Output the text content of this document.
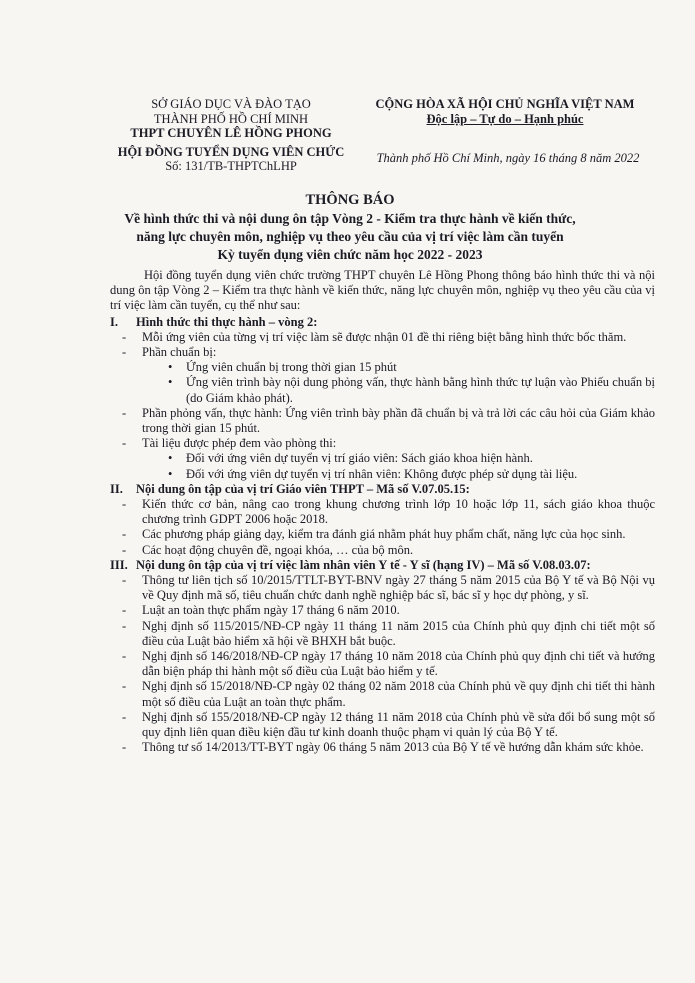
SỞ GIÁO DỤC VÀ ĐÀO TẠO
THÀNH PHỐ HỒ CHÍ MINH
THPT CHUYÊN LÊ HỒNG PHONG
HỘI ĐỒNG TUYỂN DỤNG VIÊN CHỨC
Số: 131/TB-THPTChLHP
CỘNG HÒA XÃ HỘI CHỦ NGHĨA VIỆT NAM
Độc lập – Tự do – Hạnh phúc
Thành phố Hồ Chí Minh, ngày 16 tháng 8 năm 2022
THÔNG BÁO
Về hình thức thi và nội dung ôn tập Vòng 2 - Kiểm tra thực hành về kiến thức,
năng lực chuyên môn, nghiệp vụ theo yêu cầu của vị trí việc làm cần tuyển
Kỳ tuyển dụng viên chức năm học 2022 - 2023

Hội đồng tuyển dụng viên chức trường THPT chuyên Lê Hồng Phong thông báo hình thức thi và nội dung ôn tập Vòng 2 – Kiểm tra thực hành về kiến thức, năng lực chuyên môn, nghiệp vụ theo yêu cầu của vị trí việc làm cần tuyển, cụ thể như sau:

I. Hình thức thi thực hành – vòng 2:

- Mỗi ứng viên của từng vị trí việc làm sẽ được nhận 01 đề thi riêng biệt bằng hình thức bốc thăm.

- Phần chuẩn bị:

• Ứng viên chuẩn bị trong thời gian 15 phút

• Ứng viên trình bày nội dung phỏng vấn, thực hành bằng hình thức tự luận vào Phiếu chuẩn bị (do Giám khảo phát).

- Phần phỏng vấn, thực hành: Ứng viên trình bày phần đã chuẩn bị và trả lời các câu hỏi của Giám khảo trong thời gian 15 phút.

- Tài liệu được phép đem vào phòng thi:

• Đối với ứng viên dự tuyển vị trí giáo viên: Sách giáo khoa hiện hành.

• Đối với ứng viên dự tuyển vị trí nhân viên: Không được phép sử dụng tài liệu.

II. Nội dung ôn tập của vị trí Giáo viên THPT – Mã số V.07.05.15:

- Kiến thức cơ bản, nâng cao trong khung chương trình lớp 10 hoặc lớp 11, sách giáo khoa thuộc chương trình GDPT 2006 hoặc 2018.

- Các phương pháp giảng dạy, kiểm tra đánh giá nhằm phát huy phẩm chất, năng lực của học sinh.

- Các hoạt động chuyên đề, ngoại khóa, … của bộ môn.

III. Nội dung ôn tập của vị trí việc làm nhân viên Y tế - Y sĩ (hạng IV) – Mã số V.08.03.07:

- Thông tư liên tịch số 10/2015/TTLT-BYT-BNV ngày 27 tháng 5 năm 2015 của Bộ Y tế và Bộ Nội vụ về Quy định mã số, tiêu chuẩn chức danh nghề nghiệp bác sĩ, bác sĩ y học dự phòng, y sĩ.

- Luật an toàn thực phẩm ngày 17 tháng 6 năm 2010.

- Nghị định số 115/2015/NĐ-CP ngày 11 tháng 11 năm 2015 của Chính phủ quy định chi tiết một số điều của Luật bảo hiểm xã hội về BHXH bắt buộc.

- Nghị định số 146/2018/NĐ-CP ngày 17 tháng 10 năm 2018 của Chính phủ quy định chi tiết và hướng dẫn biện pháp thi hành một số điều của Luật bảo hiểm y tế.

- Nghị định số 15/2018/NĐ-CP ngày 02 tháng 02 năm 2018 của Chính phủ về quy định chi tiết thi hành một số điều của Luật an toàn thực phẩm.

- Nghị định số 155/2018/NĐ-CP ngày 12 tháng 11 năm 2018 của Chính phủ về sửa đổi bổ sung một số quy định liên quan điều kiện đầu tư kinh doanh thuộc phạm vi quản lý của Bộ Y tế.

- Thông tư số 14/2013/TT-BYT ngày 06 tháng 5 năm 2013 của Bộ Y tế về hướng dẫn khám sức khỏe.
